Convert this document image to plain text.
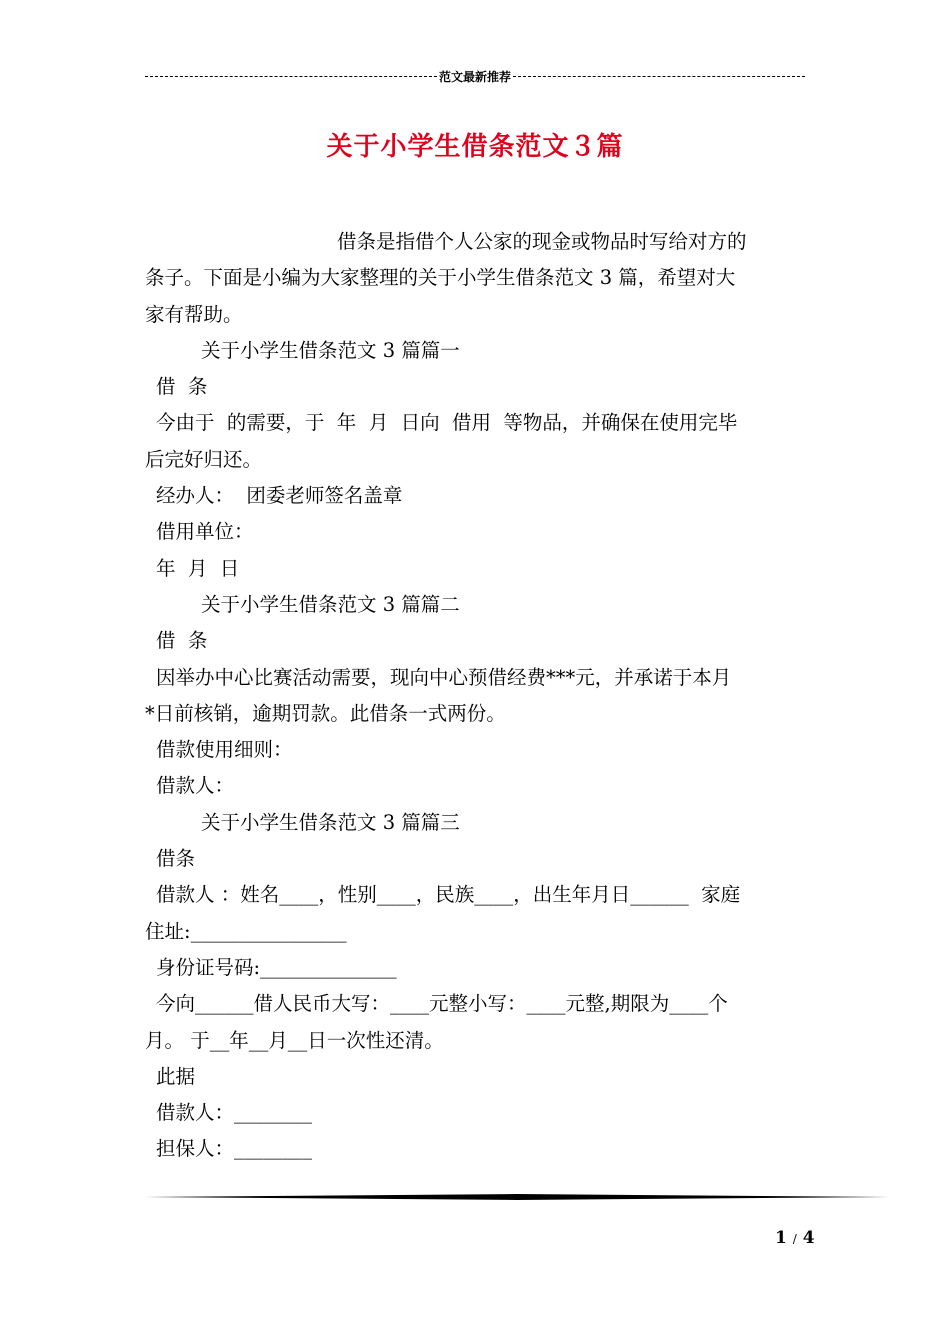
范文最新推荐
关于小学生借条范文３篇

借条是指借个人公家的现金或物品时写给对方的

条子。下面是小编为大家整理的关于小学生借条范文 3 篇，希望对大

家有帮助。

关于小学生借条范文 3 篇篇一

借  条

今由于  的需要，于  年  月  日向  借用  等物品，并确保在使用完毕

后完好归还。

经办人：  团委老师签名盖章

借用单位：

年  月  日

关于小学生借条范文 3 篇篇二

借  条

因举办中心比赛活动需要，现向中心预借经费***元，并承诺于本月

*日前核销，逾期罚款。此借条一式两份。

借款使用细则：

借款人：

关于小学生借条范文 3 篇篇三

借条

借款人 ：姓名____，性别____，民族____，出生年月日______  家庭

住址:________________

身份证号码:______________

今向______借人民币大写：____元整小写：____元整,期限为____个

月。 于__年__月__日一次性还清。

此据

借款人：________

担保人：________

1 / 4
